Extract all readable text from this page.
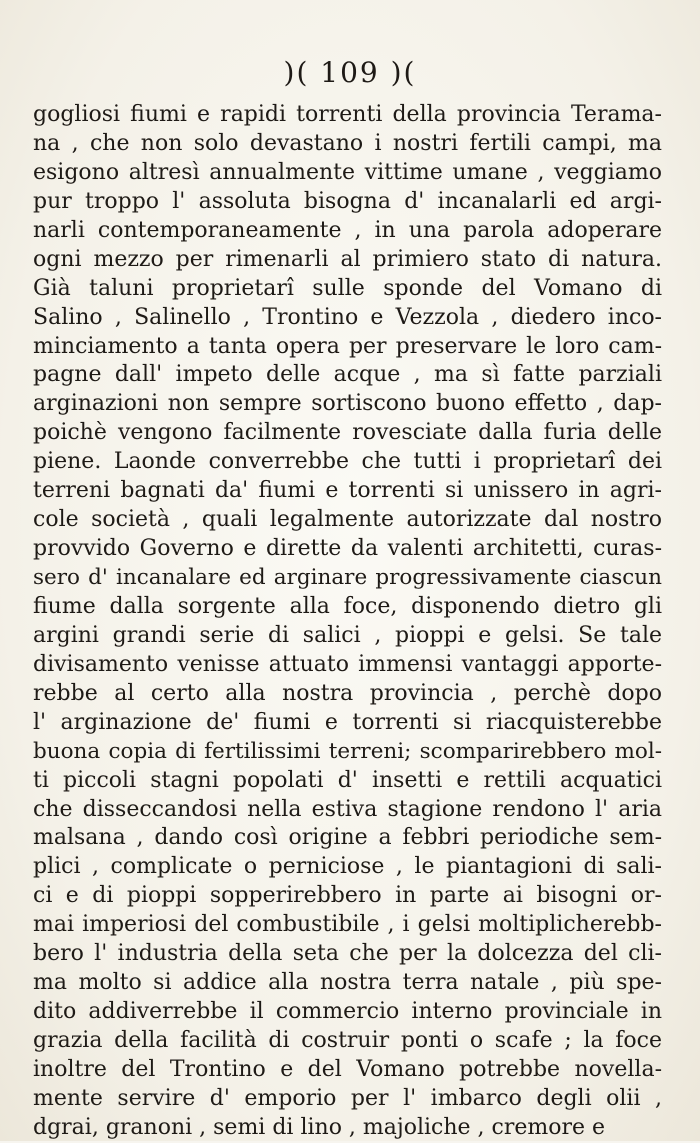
)( 109 )(
gogliosi fiumi e rapidi torrenti della provincia Terama-
na , che non solo devastano i nostri fertili campi, ma
esigono altresì annualmente vittime umane , veggiamo
pur troppo l' assoluta bisogna d' incanalarli ed argi-
narli contemporaneamente , in una parola adoperare
ogni mezzo per rimenarli al primiero stato di natura.
Già taluni proprietarî sulle sponde del Vomano di
Salino , Salinello , Trontino e Vezzola , diedero inco-
minciamento a tanta opera per preservare le loro cam-
pagne dall' impeto delle acque , ma sì fatte parziali
arginazioni non sempre sortiscono buono effetto , dap-
poichè vengono facilmente rovesciate dalla furia delle
piene. Laonde converrebbe che tutti i proprietarî dei
terreni bagnati da' fiumi e torrenti si unissero in agri-
cole società , quali legalmente autorizzate dal nostro
provvido Governo e dirette da valenti architetti, curas-
sero d' incanalare ed arginare progressivamente ciascun
fiume dalla sorgente alla foce, disponendo dietro gli
argini grandi serie di salici , pioppi e gelsi. Se tale
divisamento venisse attuato immensi vantaggi apporte-
rebbe al certo alla nostra provincia , perchè dopo
l' arginazione de' fiumi e torrenti si riacquisterebbe
buona copia di fertilissimi terreni; scomparirebbero mol-
ti piccoli stagni popolati d' insetti e rettili acquatici
che disseccandosi nella estiva stagione rendono l' aria
malsana , dando così origine a febbri periodiche sem-
plici , complicate o perniciose , le piantagioni di sali-
ci e di pioppi sopperirebbero in parte ai bisogni or-
mai imperiosi del combustibile , i gelsi moltiplicherebb-
bero l' industria della seta che per la dolcezza del cli-
ma molto si addice alla nostra terra natale , più spe-
dito addiverrebbe il commercio interno provinciale in
grazia della facilità di costruir ponti o scafe ; la foce
inoltre del Trontino e del Vomano potrebbe novella-
mente servire d' emporio per l' imbarco degli olii ,
dgrai, granoni , semi di lino , majoliche , cremore e
